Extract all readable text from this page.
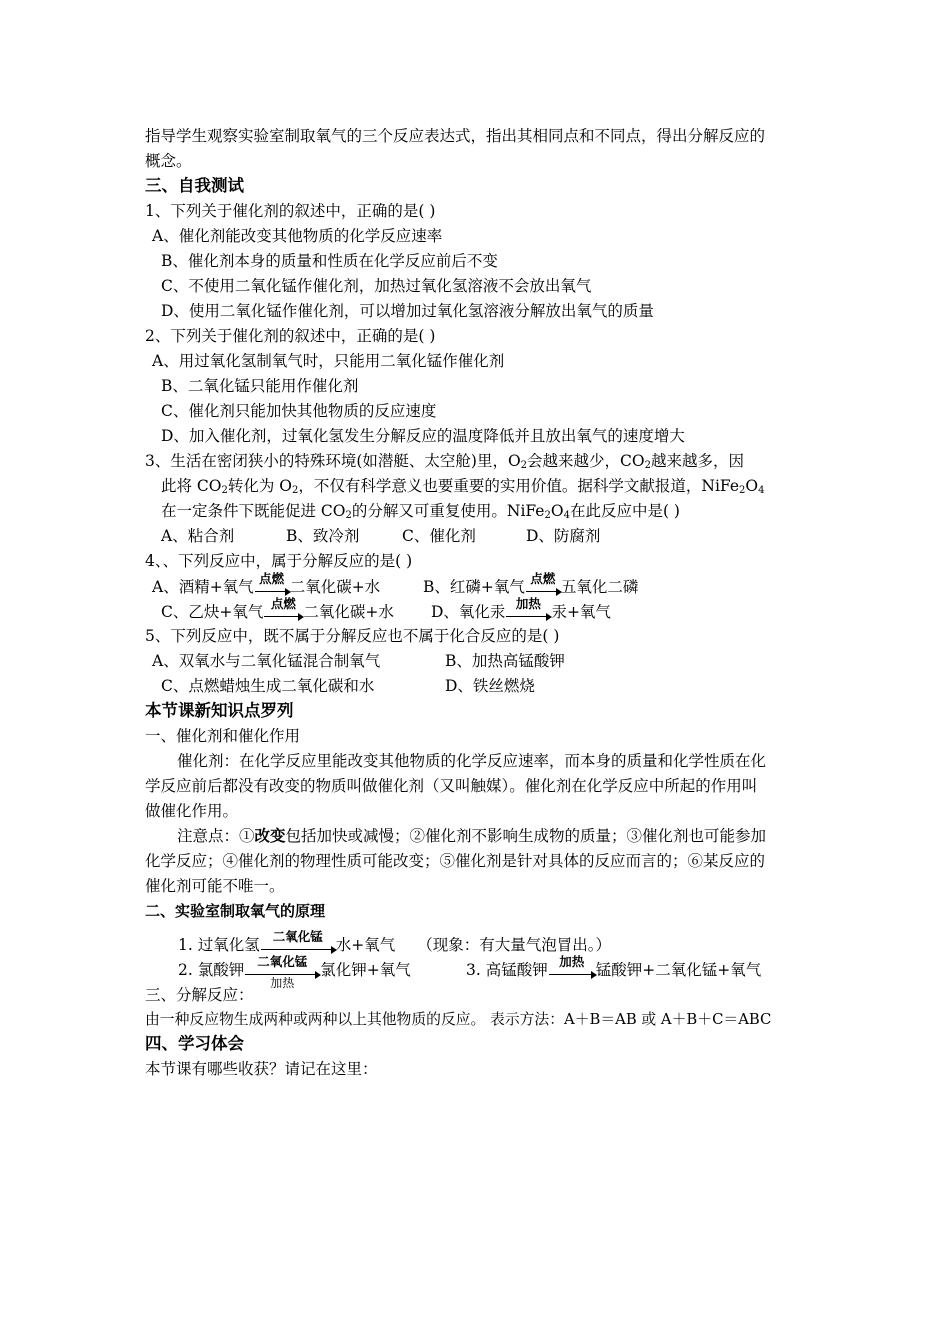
指导学生观察实验室制取氧气的三个反应表达式，指出其相同点和不同点，得出分解反应的
概念。
三、自我测试
1、下列关于催化剂的叙述中，正确的是( )
A、催化剂能改变其他物质的化学反应速率
B、催化剂本身的质量和性质在化学反应前后不变
C、不使用二氧化锰作催化剂，加热过氧化氢溶液不会放出氧气
D、使用二氧化锰作催化剂，可以增加过氧化氢溶液分解放出氧气的质量
2、下列关于催化剂的叙述中，正确的是( )
A、用过氧化氢制氧气时，只能用二氧化锰作催化剂
B、二氧化锰只能用作催化剂
C、催化剂只能加快其他物质的反应速度
D、加入催化剂，过氧化氢发生分解反应的温度降低并且放出氧气的速度增大
3、生活在密闭狭小的特殊环境(如潜艇、太空舱)里，$O_2$会越来越少，$CO_2$越来越多，因
此将 $CO_2$转化为 $O_2$，不仅有科学意义也要重要的实用价值。据科学文献报道，$NiFe_2O_4$
在一定条件下既能促进 $CO_2$的分解又可重复使用。$NiFe_2O_4$在此反应中是( )
A、粘合剂	B、致冷剂	C、催化剂	D、防腐剂
4、、下列反应中，属于分解反应的是( )
A、酒精+氧气 点燃 二氧化碳+水	B、红磷+氧气 点燃 五氧化二磷
C、乙炔+氧气 点燃 二氧化碳+水 D、氧化汞 加热 汞+氧气
5、下列反应中，既不属于分解反应也不属于化合反应的是( )
A、双氧水与二氧化锰混合制氧气	B、加热高锰酸钾
C、点燃蜡烛生成二氧化碳和水	D、铁丝燃烧
本节课新知识点罗列
一、催化剂和催化作用
催化剂：在化学反应里能改变其他物质的化学反应速率，而本身的质量和化学性质在化
学反应前后都没有改变的物质叫做催化剂（又叫触媒）。催化剂在化学反应中所起的作用叫
做催化作用。
注意点：①改变包括加快或减慢；②催化剂不影响生成物的质量；③催化剂也可能参加
化学反应；④催化剂的物理性质可能改变；⑤催化剂是针对具体的反应而言的；⑥某反应的
催化剂可能不唯一。
二、实验室制取氧气的原理
1. 过氧化氢	二氧化锰 水+氧气 （现象：有大量气泡冒出。）
2. 氯酸钾	二氧化锰
加热
氯化钾+氧气	3. 高锰酸钾 加热 锰酸钾+二氧化锰+氧气
三、分解反应：
由一种反应物生成两种或两种以上其他物质的反应。 表示方法：A＋B＝AB 或 A＋B＋C＝ABC
四、学习体会
本节课有哪些收获？请记在这里：
